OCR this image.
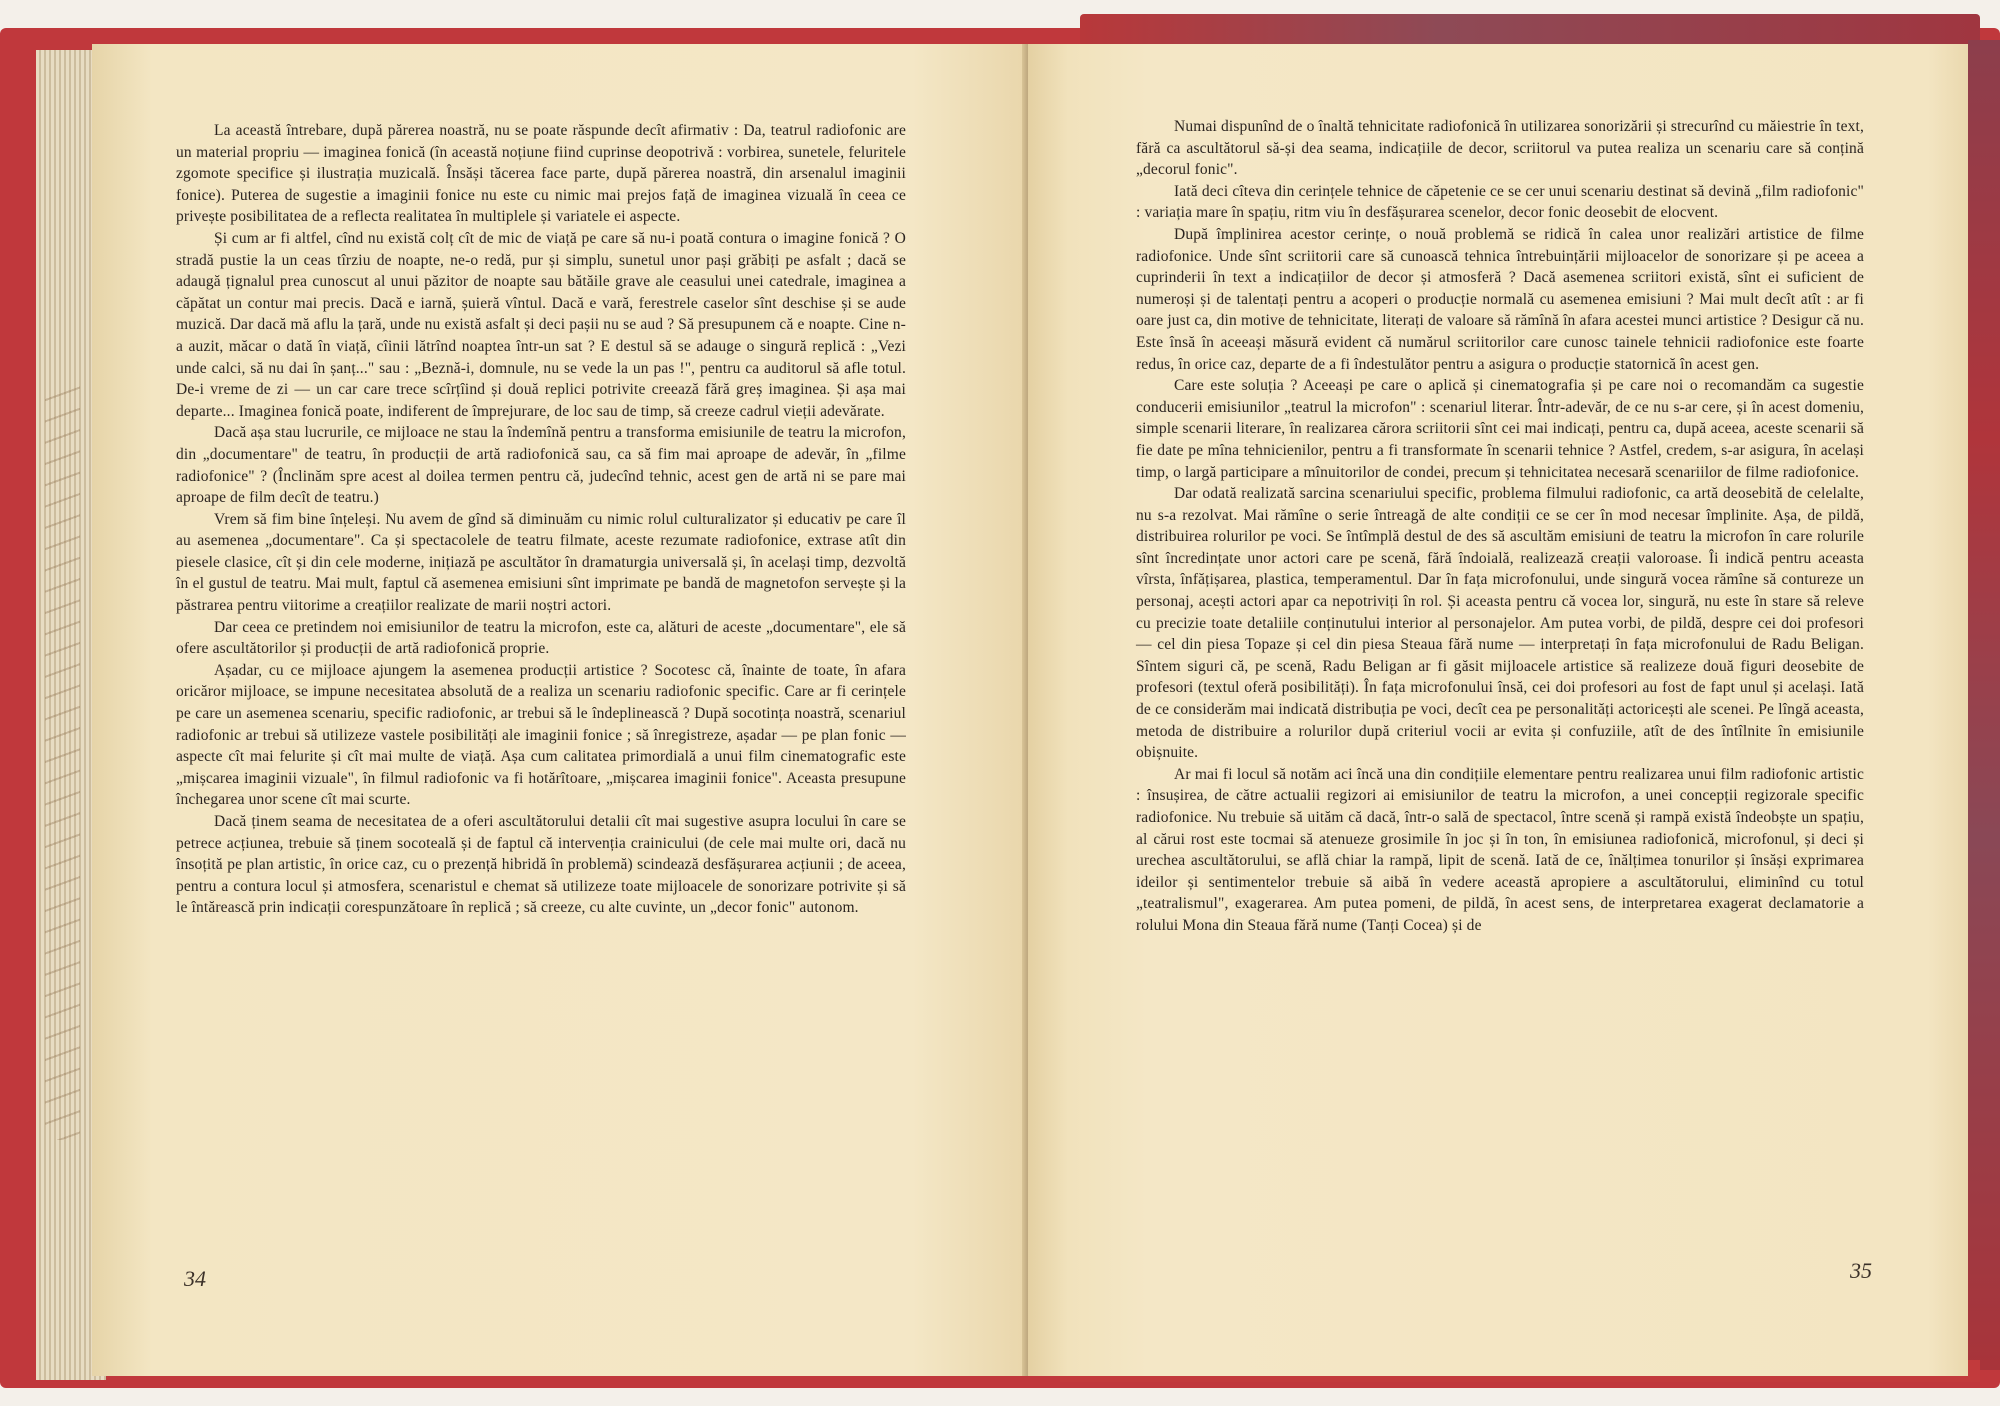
La această întrebare, după părerea noastră, nu se poate răspunde decît afirmativ : Da, teatrul radiofonic are un material propriu — imaginea fonică (în această noțiune fiind cuprinse deopotrivă : vorbirea, sunetele, feluritele zgomote specifice și ilustrația muzicală. Însăși tăcerea face parte, după părerea noastră, din arsenalul imaginii fonice). Puterea de sugestie a imaginii fonice nu este cu nimic mai prejos față de imaginea vizuală în ceea ce privește posibilitatea de a reflecta realitatea în multiplele și variatele ei aspecte.

Și cum ar fi altfel, cînd nu există colț cît de mic de viață pe care să nu-i poată contura o imagine fonică ? O stradă pustie la un ceas tîrziu de noapte, ne-o redă, pur și simplu, sunetul unor pași grăbiți pe asfalt ; dacă se adaugă țignalul prea cunoscut al unui păzitor de noapte sau bătăile grave ale ceasului unei catedrale, imaginea a căpătat un contur mai precis. Dacă e iarnă, șuieră vîntul. Dacă e vară, ferestrele caselor sînt deschise și se aude muzică. Dar dacă mă aflu la țară, unde nu există asfalt și deci pașii nu se aud ? Să presupunem că e noapte. Cine n-a auzit, măcar o dată în viață, cîinii lătrînd noaptea într-un sat ? E destul să se adauge o singură replică : „Vezi unde calci, să nu dai în șanț..." sau : „Beznă-i, domnule, nu se vede la un pas !", pentru ca auditorul să afle totul. De-i vreme de zi — un car care trece scîrțîind și două replici potrivite creează fără greș imaginea. Și așa mai departe... Imaginea fonică poate, indiferent de împrejurare, de loc sau de timp, să creeze cadrul vieții adevărate.

Dacă așa stau lucrurile, ce mijloace ne stau la îndemînă pentru a transforma emisiunile de teatru la microfon, din „documentare" de teatru, în producții de artă radiofonică sau, ca să fim mai aproape de adevăr, în „filme radiofonice" ? (Înclinăm spre acest al doilea termen pentru că, judecînd tehnic, acest gen de artă ni se pare mai aproape de film decît de teatru.)

Vrem să fim bine înțeleși. Nu avem de gînd să diminuăm cu nimic rolul culturalizator și educativ pe care îl au asemenea „documentare". Ca și spectacolele de teatru filmate, aceste rezumate radiofonice, extrase atît din piesele clasice, cît și din cele moderne, inițiază pe ascultător în dramaturgia universală și, în același timp, dezvoltă în el gustul de teatru. Mai mult, faptul că asemenea emisiuni sînt imprimate pe bandă de magnetofon servește și la păstrarea pentru viitorime a creațiilor realizate de marii noștri actori.

Dar ceea ce pretindem noi emisiunilor de teatru la microfon, este ca, alături de aceste „documentare", ele să ofere ascultătorilor și producții de artă radiofonică proprie.

Așadar, cu ce mijloace ajungem la asemenea producții artistice ? Socotesc că, înainte de toate, în afara oricăror mijloace, se impune necesitatea absolută de a realiza un scenariu radiofonic specific. Care ar fi cerințele pe care un asemenea scenariu, specific radiofonic, ar trebui să le îndeplinească ? După socotința noastră, scenariul radiofonic ar trebui să utilizeze vastele posibilități ale imaginii fonice ; să înregistreze, așadar — pe plan fonic — aspecte cît mai felurite și cît mai multe de viață. Așa cum calitatea primordială a unui film cinematografic este „mișcarea imaginii vizuale", în filmul radiofonic va fi hotărîtoare, „mișcarea imaginii fonice". Aceasta presupune închegarea unor scene cît mai scurte.

Dacă ținem seama de necesitatea de a oferi ascultătorului detalii cît mai sugestive asupra locului în care se petrece acțiunea, trebuie să ținem socoteală și de faptul că intervenția crainicului (de cele mai multe ori, dacă nu însoțită pe plan artistic, în orice caz, cu o prezență hibridă în problemă) scindează desfășurarea acțiunii ; de aceea, pentru a contura locul și atmosfera, scenaristul e chemat să utilizeze toate mijloacele de sonorizare potrivite și să le întărească prin indicații corespunzătoare în replică ; să creeze, cu alte cuvinte, un „decor fonic" autonom.

34

Numai dispunînd de o înaltă tehnicitate radiofonică în utilizarea sonorizării și strecurînd cu măiestrie în text, fără ca ascultătorul să-și dea seama, indicațiile de decor, scriitorul va putea realiza un scenariu care să conțină „decorul fonic".

Iată deci cîteva din cerințele tehnice de căpetenie ce se cer unui scenariu destinat să devină „film radiofonic" : variația mare în spațiu, ritm viu în desfășurarea scenelor, decor fonic deosebit de elocvent.

După împlinirea acestor cerințe, o nouă problemă se ridică în calea unor realizări artistice de filme radiofonice. Unde sînt scriitorii care să cunoască tehnica întrebuințării mijloacelor de sonorizare și pe aceea a cuprinderii în text a indicațiilor de decor și atmosferă ? Dacă asemenea scriitori există, sînt ei suficient de numeroși și de talentați pentru a acoperi o producție normală cu asemenea emisiuni ? Mai mult decît atît : ar fi oare just ca, din motive de tehnicitate, literați de valoare să rămînă în afara acestei munci artistice ? Desigur că nu. Este însă în aceeași măsură evident că numărul scriitorilor care cunosc tainele tehnicii radiofonice este foarte redus, în orice caz, departe de a fi îndestulător pentru a asigura o producție statornică în acest gen.

Care este soluția ? Aceeași pe care o aplică și cinematografia și pe care noi o recomandăm ca sugestie conducerii emisiunilor „teatrul la microfon" : scenariul literar. Într-adevăr, de ce nu s-ar cere, și în acest domeniu, simple scenarii literare, în realizarea cărora scriitorii sînt cei mai indicați, pentru ca, după aceea, aceste scenarii să fie date pe mîna tehnicienilor, pentru a fi transformate în scenarii tehnice ? Astfel, credem, s-ar asigura, în același timp, o largă participare a mînuitorilor de condei, precum și tehnicitatea necesară scenariilor de filme radiofonice.

Dar odată realizată sarcina scenariului specific, problema filmului radiofonic, ca artă deosebită de celelalte, nu s-a rezolvat. Mai rămîne o serie întreagă de alte condiții ce se cer în mod necesar împlinite. Așa, de pildă, distribuirea rolurilor pe voci. Se întîmplă destul de des să ascultăm emisiuni de teatru la microfon în care rolurile sînt încredințate unor actori care pe scenă, fără îndoială, realizează creații valoroase. Îi indică pentru aceasta vîrsta, înfățișarea, plastica, temperamentul. Dar în fața microfonului, unde singură vocea rămîne să contureze un personaj, acești actori apar ca nepotriviți în rol. Și aceasta pentru că vocea lor, singură, nu este în stare să releve cu precizie toate detaliile conținutului interior al personajelor. Am putea vorbi, de pildă, despre cei doi profesori — cel din piesa Topaze și cel din piesa Steaua fără nume — interpretați în fața microfonului de Radu Beligan. Sîntem siguri că, pe scenă, Radu Beligan ar fi găsit mijloacele artistice să realizeze două figuri deosebite de profesori (textul oferă posibilități). În fața microfonului însă, cei doi profesori au fost de fapt unul și același. Iată de ce considerăm mai indicată distribuția pe voci, decît cea pe personalități actoricești ale scenei. Pe lîngă aceasta, metoda de distribuire a rolurilor după criteriul vocii ar evita și confuziile, atît de des întîlnite în emisiunile obișnuite.

Ar mai fi locul să notăm aci încă una din condițiile elementare pentru realizarea unui film radiofonic artistic : însușirea, de către actualii regizori ai emisiunilor de teatru la microfon, a unei concepții regizorale specific radiofonice. Nu trebuie să uităm că dacă, într-o sală de spectacol, între scenă și rampă există îndeobște un spațiu, al cărui rost este tocmai să atenueze grosimile în joc și în ton, în emisiunea radiofonică, microfonul, și deci și urechea ascultătorului, se află chiar la rampă, lipit de scenă. Iată de ce, înălțimea tonurilor și însăși exprimarea ideilor și sentimentelor trebuie să aibă în vedere această apropiere a ascultătorului, eliminînd cu totul „teatralismul", exagerarea. Am putea pomeni, de pildă, în acest sens, de interpretarea exagerat declamatorie a rolului Mona din Steaua fără nume (Tanți Cocea) și de

35
